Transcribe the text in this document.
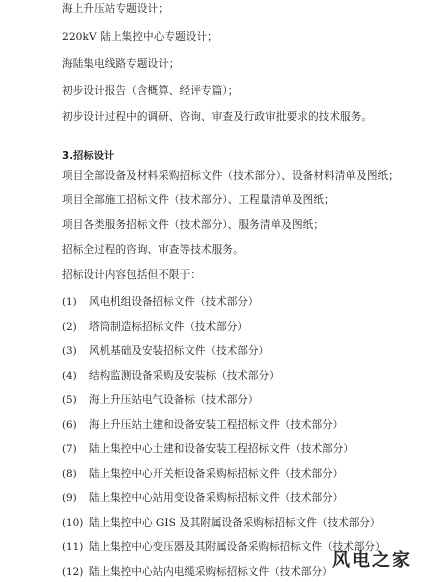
海上升压站专题设计；
220kV 陆上集控中心专题设计；
海陆集电线路专题设计；
初步设计报告（含概算、经评专篇）；
初步设计过程中的调研、咨询、审查及行政审批要求的技术服务。
3.招标设计
项目全部设备及材料采购招标文件（技术部分）、设备材料清单及图纸；
项目全部施工招标文件（技术部分）、工程量清单及图纸；
项目各类服务招标文件（技术部分）、服务清单及图纸；
招标全过程的咨询、审查等技术服务。
招标设计内容包括但不限于：
(1) 风电机组设备招标文件（技术部分）
(2) 塔筒制造标招标文件（技术部分）
(3) 风机基础及安装招标文件（技术部分）
(4) 结构监测设备采购及安装标（技术部分）
(5) 海上升压站电气设备标（技术部分）
(6) 海上升压站土建和设备安装工程招标文件（技术部分）
(7) 陆上集控中心土建和设备安装工程招标文件（技术部分）
(8) 陆上集控中心开关柜设备采购标招标文件（技术部分）
(9) 陆上集控中心站用变设备采购标招标文件（技术部分）
(10) 陆上集控中心 GIS 及其附属设备采购标招标文件（技术部分）
(11) 陆上集控中心变压器及其附属设备采购标招标文件（技术部分）
(12) 陆上集控中心站内电缆采购标招标文件（技术部分）
风电之家
